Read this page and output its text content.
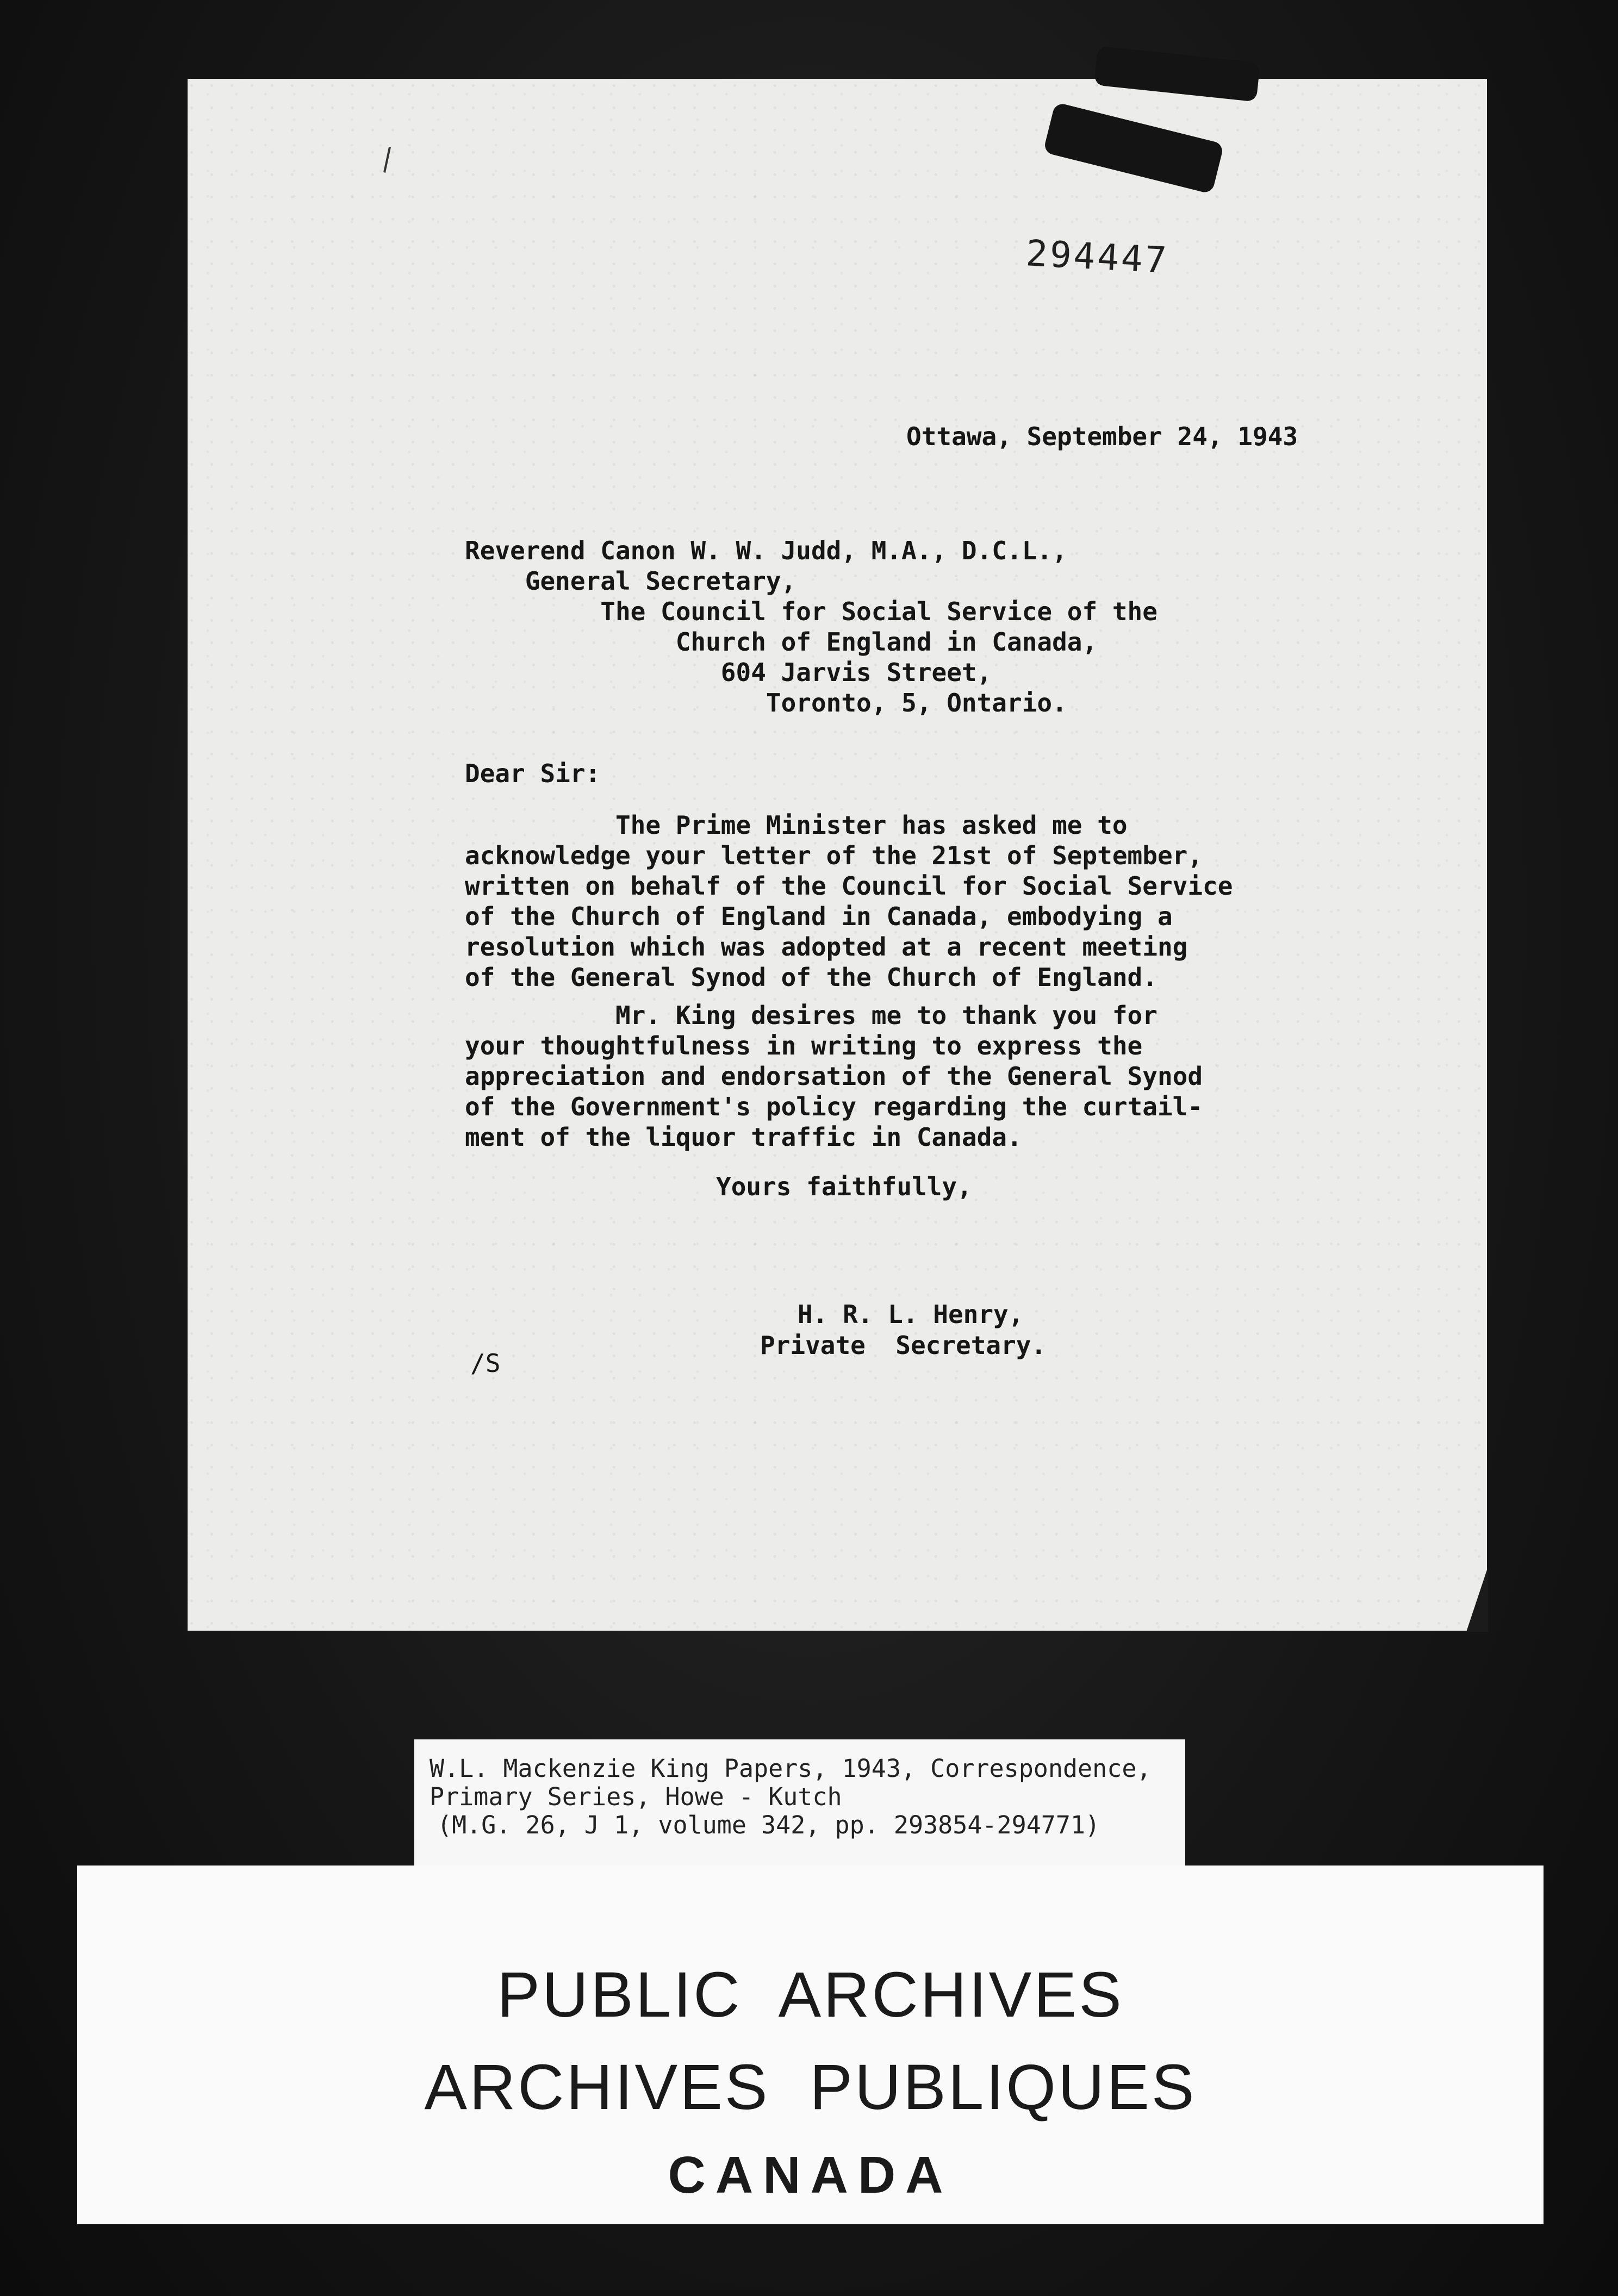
294447
Ottawa, September 24, 1943
Reverend Canon W. W. Judd, M.A., D.C.L.,
General Secretary,
The Council for Social Service of the
Church of England in Canada,
604 Jarvis Street,
Toronto, 5, Ontario.
Dear Sir:
The Prime Minister has asked me to
acknowledge your letter of the 21st of September,
written on behalf of the Council for Social Service
of the Church of England in Canada, embodying a
resolution which was adopted at a recent meeting
of the General Synod of the Church of England.
Mr. King desires me to thank you for
your thoughtfulness in writing to express the
appreciation and endorsation of the General Synod
of the Government's policy regarding the curtail-
ment of the liquor traffic in Canada.
Yours faithfully,
H. R. L. Henry,
Private  Secretary.
/S
W.L. Mackenzie King Papers, 1943, Correspondence,
Primary Series, Howe - Kutch
(M.G. 26, J 1, volume 342, pp. 293854-294771)
PUBLIC  ARCHIVES
ARCHIVES  PUBLIQUES
CANADA
